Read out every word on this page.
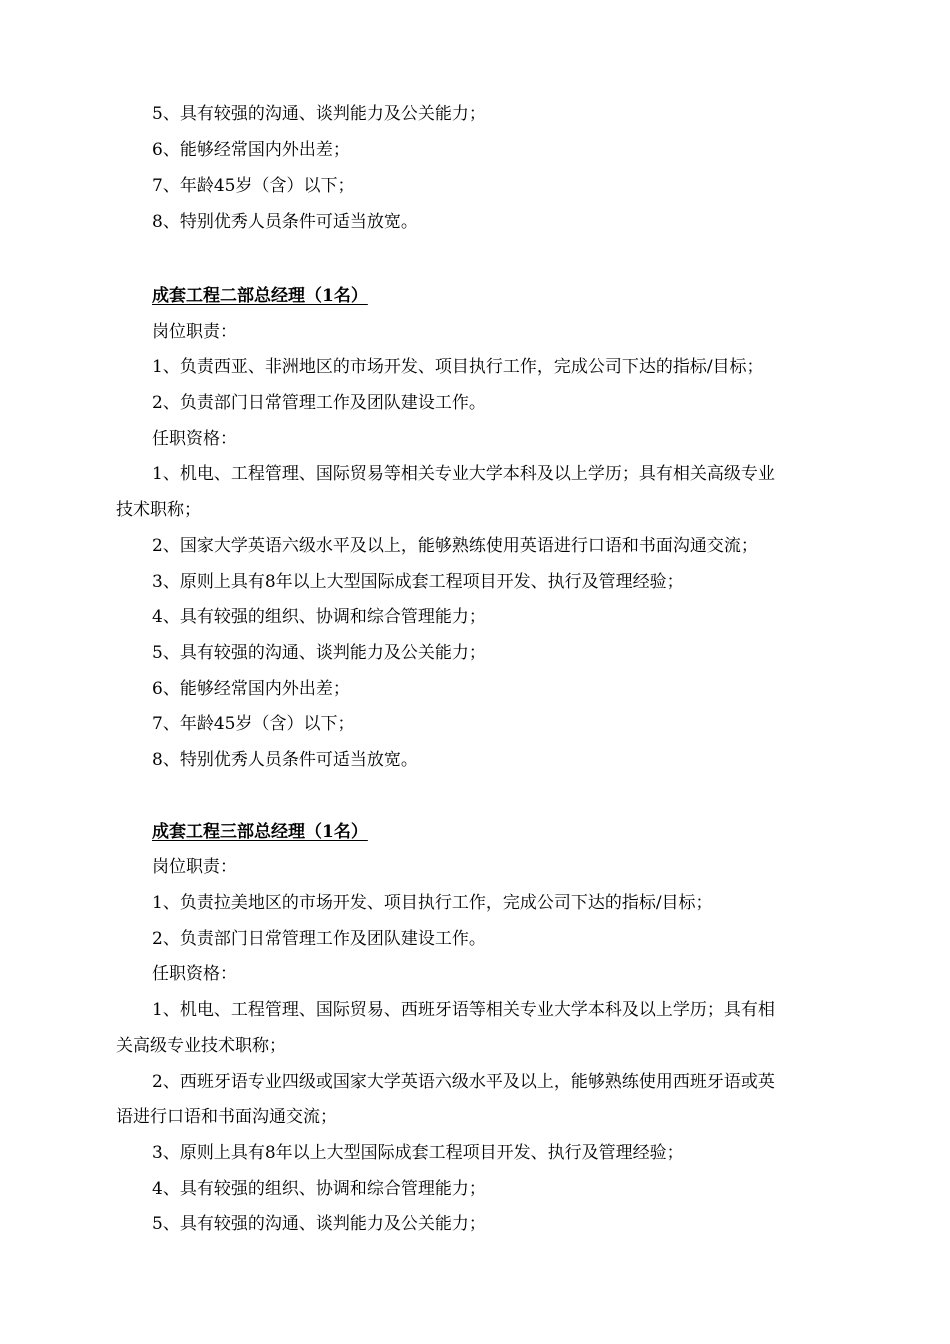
5、具有较强的沟通、谈判能力及公关能力；
6、能够经常国内外出差；
7、年龄45岁（含）以下；
8、特别优秀人员条件可适当放宽。
成套工程二部总经理（1名）
岗位职责：
1、负责西亚、非洲地区的市场开发、项目执行工作，完成公司下达的指标/目标；
2、负责部门日常管理工作及团队建设工作。
任职资格：
1、机电、工程管理、国际贸易等相关专业大学本科及以上学历；具有相关高级专业
技术职称；
2、国家大学英语六级水平及以上，能够熟练使用英语进行口语和书面沟通交流；
3、原则上具有8年以上大型国际成套工程项目开发、执行及管理经验；
4、具有较强的组织、协调和综合管理能力；
5、具有较强的沟通、谈判能力及公关能力；
6、能够经常国内外出差；
7、年龄45岁（含）以下；
8、特别优秀人员条件可适当放宽。
成套工程三部总经理（1名）
岗位职责：
1、负责拉美地区的市场开发、项目执行工作，完成公司下达的指标/目标；
2、负责部门日常管理工作及团队建设工作。
任职资格：
1、机电、工程管理、国际贸易、西班牙语等相关专业大学本科及以上学历；具有相
关高级专业技术职称；
2、西班牙语专业四级或国家大学英语六级水平及以上，能够熟练使用西班牙语或英
语进行口语和书面沟通交流；
3、原则上具有8年以上大型国际成套工程项目开发、执行及管理经验；
4、具有较强的组织、协调和综合管理能力；
5、具有较强的沟通、谈判能力及公关能力；
